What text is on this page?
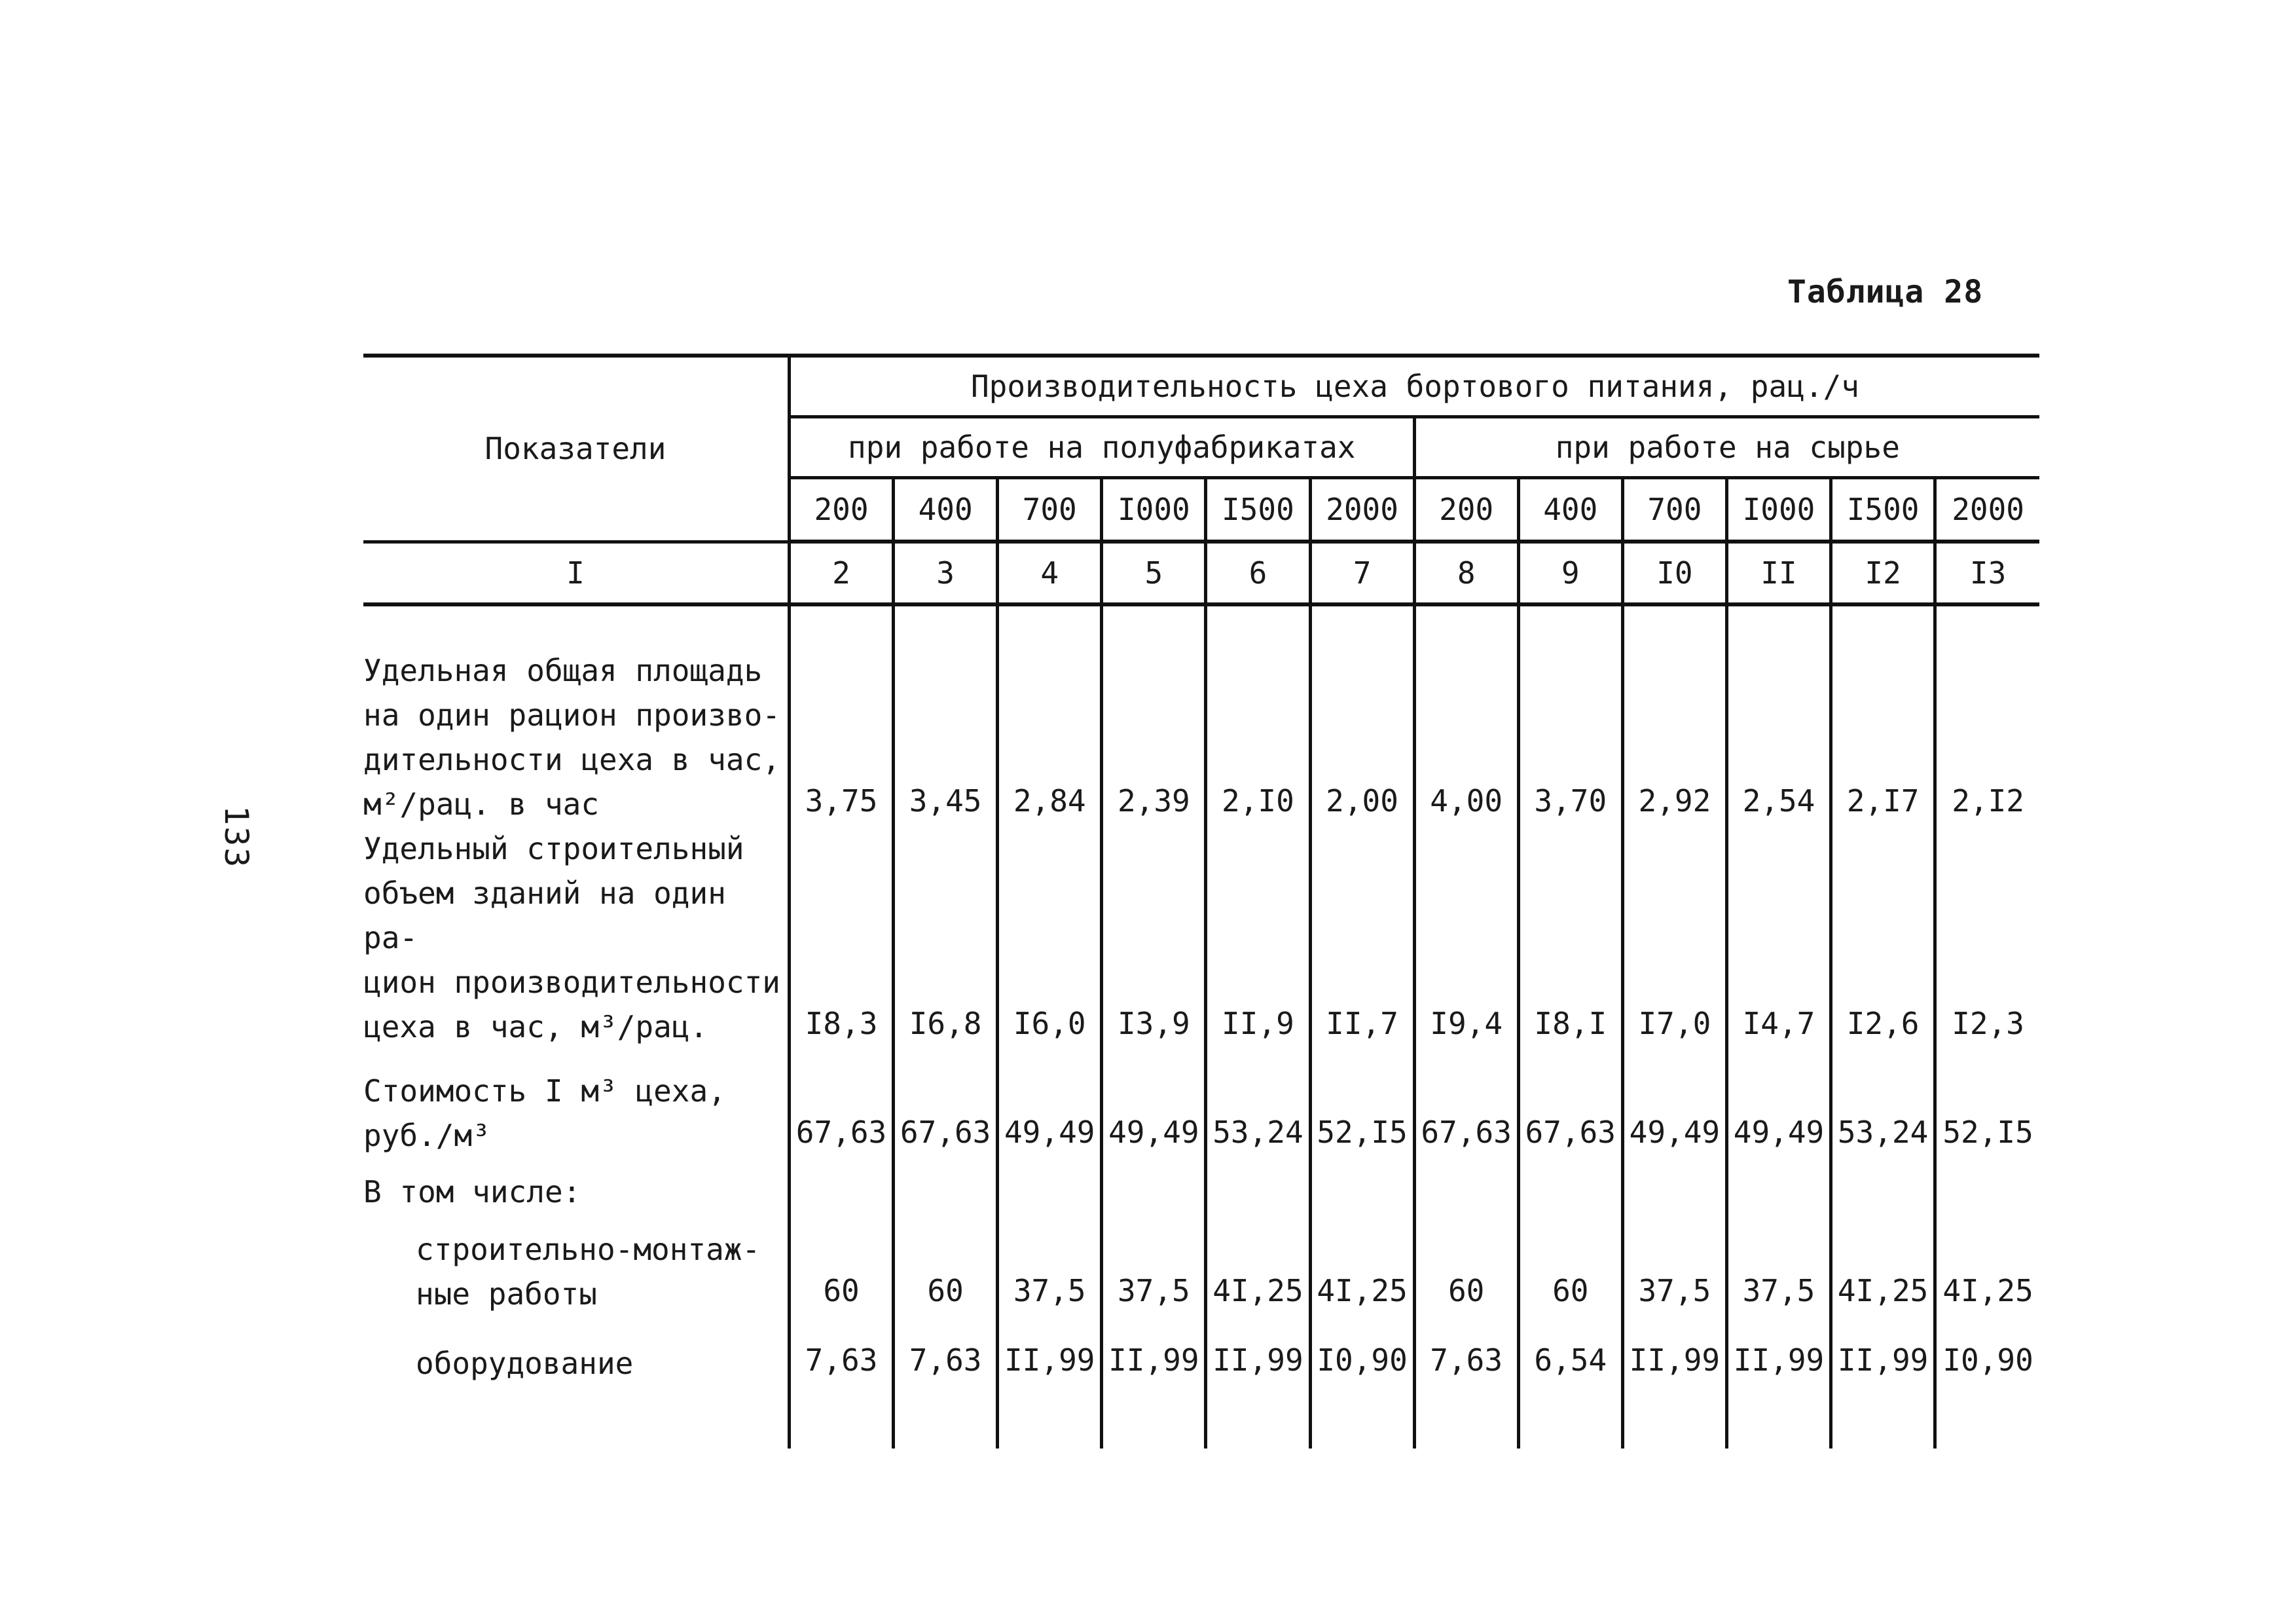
Таблица 28
133
Показатели	Производительность цеха бортового питания, рац./ч											
	при работе на полуфабрикатах						при работе на сырье					
	200	400	700	I000	I500	2000	200	400	700	I000	I500	2000
I	2	3	4	5	6	7	8	9	I0	II	I2	I3

Удельная общая площадь
на один рацион произво-
дительности цеха в час,
м²/рац. в час	3,75	3,45	2,84	2,39	2,I0	2,00	4,00	3,70	2,92	2,54	2,I7	2,I2

Удельный строительный
объем зданий на один ра-
цион производительности
цеха в час, м³/рац.	I8,3	I6,8	I6,0	I3,9	II,9	II,7	I9,4	I8,I	I7,0	I4,7	I2,6	I2,3

Стоимость I м³ цеха,
руб./м³	67,63	67,63	49,49	49,49	53,24	52,I5	67,63	67,63	49,49	49,49	53,24	52,I5

В том числе:												

строительно-монтаж-
ные работы	60	60	37,5	37,5	4I,25	4I,25	60	60	37,5	37,5	4I,25	4I,25

оборудование	7,63	7,63	II,99	II,99	II,99	I0,90	7,63	6,54	II,99	II,99	II,99	I0,90
